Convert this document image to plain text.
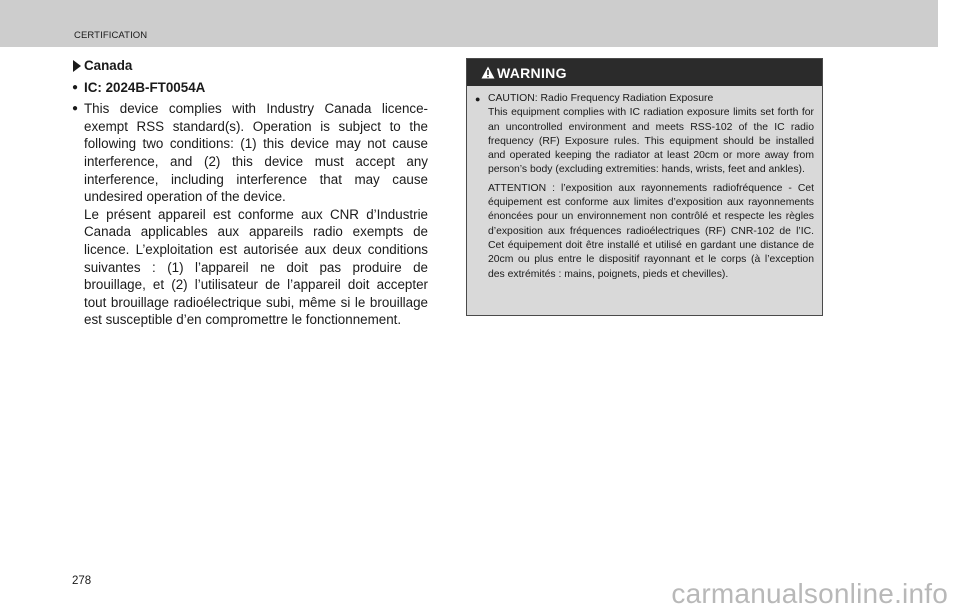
CERTIFICATION
Canada
● IC: 2024B-FT0054A
● This device complies with Industry Canada licence-exempt RSS standard(s). Operation is subject to the following two conditions: (1) this device may not cause interference, and (2) this device must accept any interference, including interference that may cause undesired operation of the device.

Le présent appareil est conforme aux CNR d’Industrie Canada applicables aux appareils radio exempts de licence. L’exploitation est autorisée aux deux conditions suivantes : (1) l’appareil ne doit pas produire de brouillage, et (2) l’utilisateur de l’appareil doit accepter tout brouillage radioélectrique subi, même si le brouillage est susceptible d’en compromettre le fonctionnement.

WARNING
● CAUTION: Radio Frequency Radiation Exposure

This equipment complies with IC radiation exposure limits set forth for an uncontrolled environment and meets RSS-102 of the IC radio frequency (RF) Exposure rules. This equipment should be installed and operated keeping the radiator at least 20cm or more away from person’s body (excluding extremities: hands, wrists, feet and ankles).

ATTENTION : l’exposition aux rayonnements radiofréquence - Cet équipement est conforme aux limites d’exposition aux rayonnements énoncées pour un environnement non contrôlé et respecte les règles d’exposition aux fréquences radioélectriques (RF) CNR-102 de l’IC. Cet équipement doit être installé et utilisé en gardant une distance de 20cm ou plus entre le dispositif rayonnant et le corps (à l’exception des extrémités : mains, poignets, pieds et chevilles).

278	carmanualsonline.info
